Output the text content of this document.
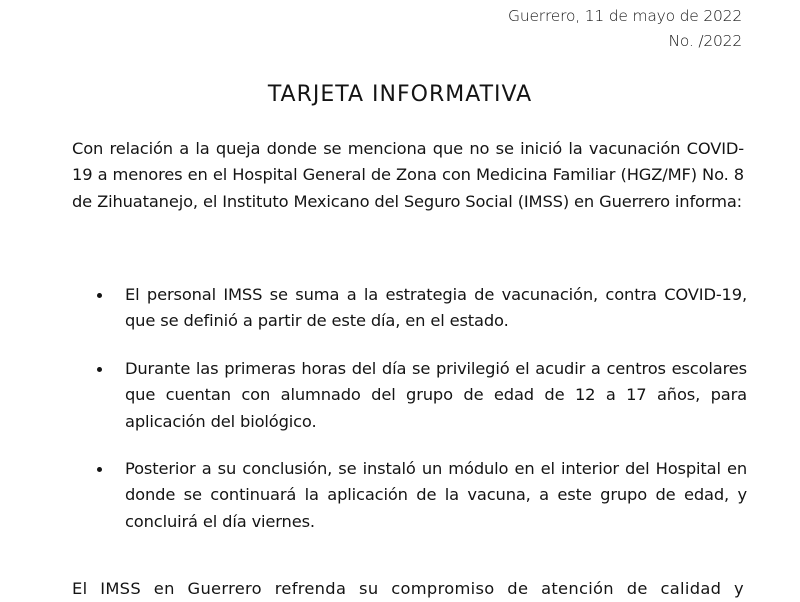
Guerrero, 11 de mayo de 2022
No. /2022
TARJETA INFORMATIVA
Con relación a la queja donde se menciona que no se inició la vacunación COVID-19 a menores en el Hospital General de Zona con Medicina Familiar (HGZ/MF) No. 8 de Zihuatanejo, el Instituto Mexicano del Seguro Social (IMSS) en Guerrero informa:
El personal IMSS se suma a la estrategia de vacunación, contra COVID-19, que se definió a partir de este día, en el estado.
Durante las primeras horas del día se privilegió el acudir a centros escolares que cuentan con alumnado del grupo de edad de 12 a 17 años, para aplicación del biológico.
Posterior a su conclusión, se instaló un módulo en el interior del Hospital en donde se continuará la aplicación de la vacuna, a este grupo de edad, y concluirá el día viernes.
El IMSS en Guerrero refrenda su compromiso de atención de calidad y
